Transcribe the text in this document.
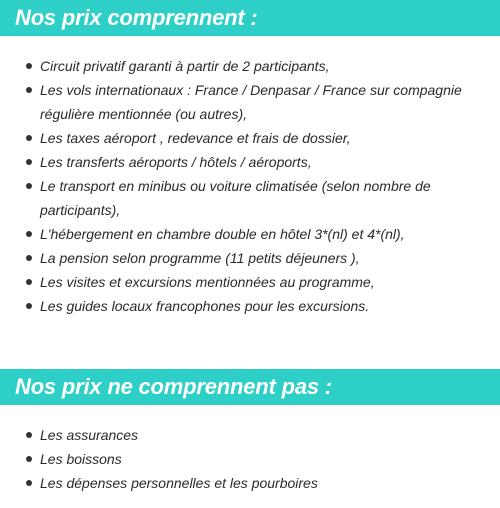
Nos prix comprennent :
Circuit privatif garanti à partir de 2 participants,
Les vols internationaux : France / Denpasar / France sur compagnie régulière mentionnée (ou autres),
Les taxes aéroport , redevance et frais de dossier,
Les transferts aéroports / hôtels / aéroports,
Le transport en minibus ou voiture climatisée (selon nombre de participants),
L'hébergement en chambre double en hôtel 3*(nl) et 4*(nl),
La pension selon programme (11 petits déjeuners ),
Les visites et excursions mentionnées au programme,
Les guides locaux francophones pour les excursions.
Nos prix ne comprennent pas :
Les assurances
Les boissons
Les dépenses personnelles et les pourboires
